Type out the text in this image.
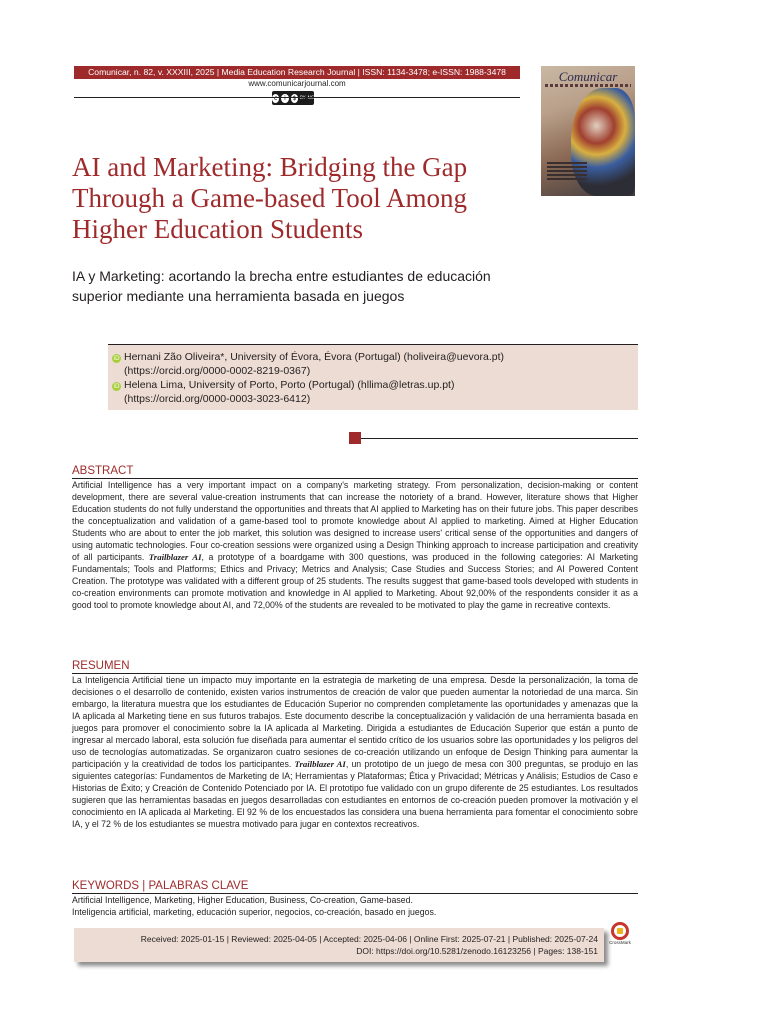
Comunicar, n. 82, v. XXXIII, 2025 | Media Education Research Journal | ISSN: 1134-3478; e-ISSN: 1988-3478
www.comunicarjournal.com
c	i	$ BY NC
Comunicar
AI and Marketing: Bridging the Gap Through a Game-based Tool Among Higher Education Students
IA y Marketing: acortando la brecha entre estudiantes de educación superior mediante una herramienta basada en juegos
iD Hernani Zão Oliveira*, University of Évora, Évora (Portugal) (holiveira@uevora.pt)
(https://orcid.org/0000-0002-8219-0367)
iD Helena Lima, University of Porto, Porto (Portugal) (hllima@letras.up.pt)
(https://orcid.org/0000-0003-3023-6412)
ABSTRACT

Artificial Intelligence has a very important impact on a company's marketing strategy. From personalization, decision-making or content development, there are several value-creation instruments that can increase the notoriety of a brand. However, literature shows that Higher Education students do not fully understand the opportunities and threats that AI applied to Marketing has on their future jobs. This paper describes the conceptualization and validation of a game-based tool to promote knowledge about AI applied to marketing. Aimed at Higher Education Students who are about to enter the job market, this solution was designed to increase users' critical sense of the opportunities and dangers of using automatic technologies. Four co-creation sessions were organized using a Design Thinking approach to increase participation and creativity of all participants. Trailblazer AI, a prototype of a boardgame with 300 questions, was produced in the following categories: AI Marketing Fundamentals; Tools and Platforms; Ethics and Privacy; Metrics and Analysis; Case Studies and Success Stories; and AI Powered Content Creation. The prototype was validated with a different group of 25 students. The results suggest that game-based tools developed with students in co-creation environments can promote motivation and knowledge in AI applied to Marketing. About 92,00% of the respondents consider it as a good tool to promote knowledge about AI, and 72,00% of the students are revealed to be motivated to play the game in recreative contexts.

RESUMEN

La Inteligencia Artificial tiene un impacto muy importante en la estrategia de marketing de una empresa. Desde la personalización, la toma de decisiones o el desarrollo de contenido, existen varios instrumentos de creación de valor que pueden aumentar la notoriedad de una marca. Sin embargo, la literatura muestra que los estudiantes de Educación Superior no comprenden completamente las oportunidades y amenazas que la IA aplicada al Marketing tiene en sus futuros trabajos. Este documento describe la conceptualización y validación de una herramienta basada en juegos para promover el conocimiento sobre la IA aplicada al Marketing. Dirigida a estudiantes de Educación Superior que están a punto de ingresar al mercado laboral, esta solución fue diseñada para aumentar el sentido crítico de los usuarios sobre las oportunidades y los peligros del uso de tecnologías automatizadas. Se organizaron cuatro sesiones de co-creación utilizando un enfoque de Design Thinking para aumentar la participación y la creatividad de todos los participantes. Trailblazer AI, un prototipo de un juego de mesa con 300 preguntas, se produjo en las siguientes categorías: Fundamentos de Marketing de IA; Herramientas y Plataformas; Ética y Privacidad; Métricas y Análisis; Estudios de Caso e Historias de Éxito; y Creación de Contenido Potenciado por IA. El prototipo fue validado con un grupo diferente de 25 estudiantes. Los resultados sugieren que las herramientas basadas en juegos desarrolladas con estudiantes en entornos de co-creación pueden promover la motivación y el conocimiento en IA aplicada al Marketing. El 92 % de los encuestados las considera una buena herramienta para fomentar el conocimiento sobre IA, y el 72 % de los estudiantes se muestra motivado para jugar en contextos recreativos.

KEYWORDS | PALABRAS CLAVE

Artificial Intelligence, Marketing, Higher Education, Business, Co-creation, Game-based.

Inteligencia artificial, marketing, educación superior, negocios, co-creación, basado en juegos.

Received: 2025-01-15 | Reviewed: 2025-04-05 | Accepted: 2025-04-06 | Online First: 2025-07-21 | Published: 2025-07-24
DOI: https://doi.org/10.5281/zenodo.16123256 | Pages: 138-151
CrossMark
